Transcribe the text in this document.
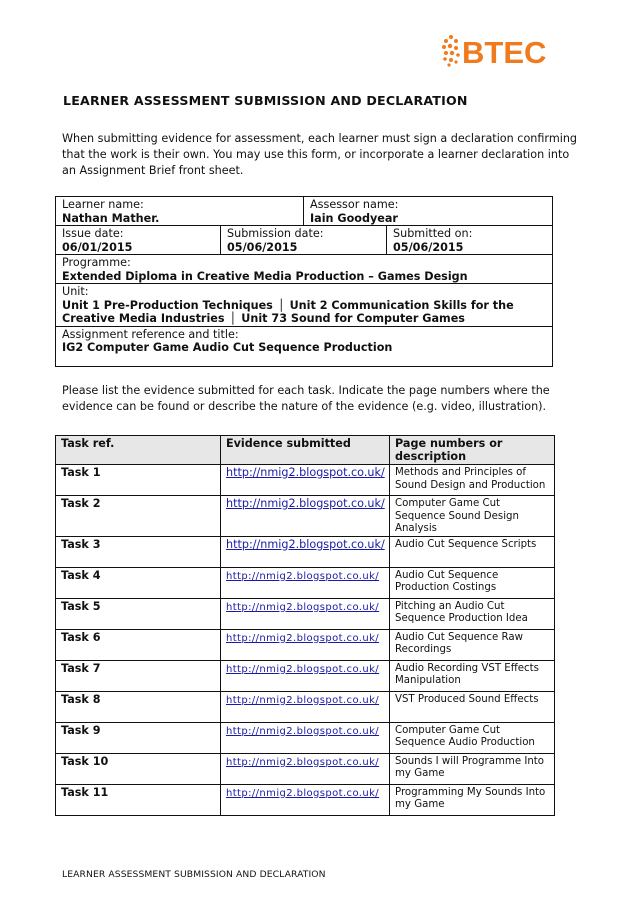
BTEC
LEARNER ASSESSMENT SUBMISSION AND DECLARATION
When submitting evidence for assessment, each learner must sign a declaration confirming that the work is their own. You may use this form, or incorporate a learner declaration into an Assignment Brief front sheet.
Learner name:
Nathan Mather.		Assessor name:
Iain Goodyear	

Issue date:
06/01/2015	Submission date:
05/06/2015		Submitted on:
05/06/2015

Programme:
Extended Diploma in Creative Media Production – Games Design			

Unit:
Unit 1 Pre-Production Techniques │ Unit 2 Communication Skills for the Creative Media Industries │ Unit 73 Sound for Computer Games			

Assignment reference and title:
IG2 Computer Game Audio Cut Sequence Production			
Please list the evidence submitted for each task. Indicate the page numbers where the evidence can be found or describe the nature of the evidence (e.g. video, illustration).
Task ref.	Evidence submitted	Page numbers or description
Task 1	http://nmig2.blogspot.co.uk/	Methods and Principles of Sound Design and Production
Task 2	http://nmig2.blogspot.co.uk/	Computer Game Cut Sequence Sound Design Analysis
Task 3	http://nmig2.blogspot.co.uk/	Audio Cut Sequence Scripts
Task 4	http://nmig2.blogspot.co.uk/	Audio Cut Sequence Production Costings
Task 5	http://nmig2.blogspot.co.uk/	Pitching an Audio Cut Sequence Production Idea
Task 6	http://nmig2.blogspot.co.uk/	Audio Cut Sequence Raw Recordings
Task 7	http://nmig2.blogspot.co.uk/	Audio Recording VST Effects Manipulation
Task 8	http://nmig2.blogspot.co.uk/	VST Produced Sound Effects
Task 9	http://nmig2.blogspot.co.uk/	Computer Game Cut Sequence Audio Production
Task 10	http://nmig2.blogspot.co.uk/	Sounds I will Programme Into my Game
Task 11	http://nmig2.blogspot.co.uk/	Programming My Sounds Into my Game
LEARNER ASSESSMENT SUBMISSION AND DECLARATION
